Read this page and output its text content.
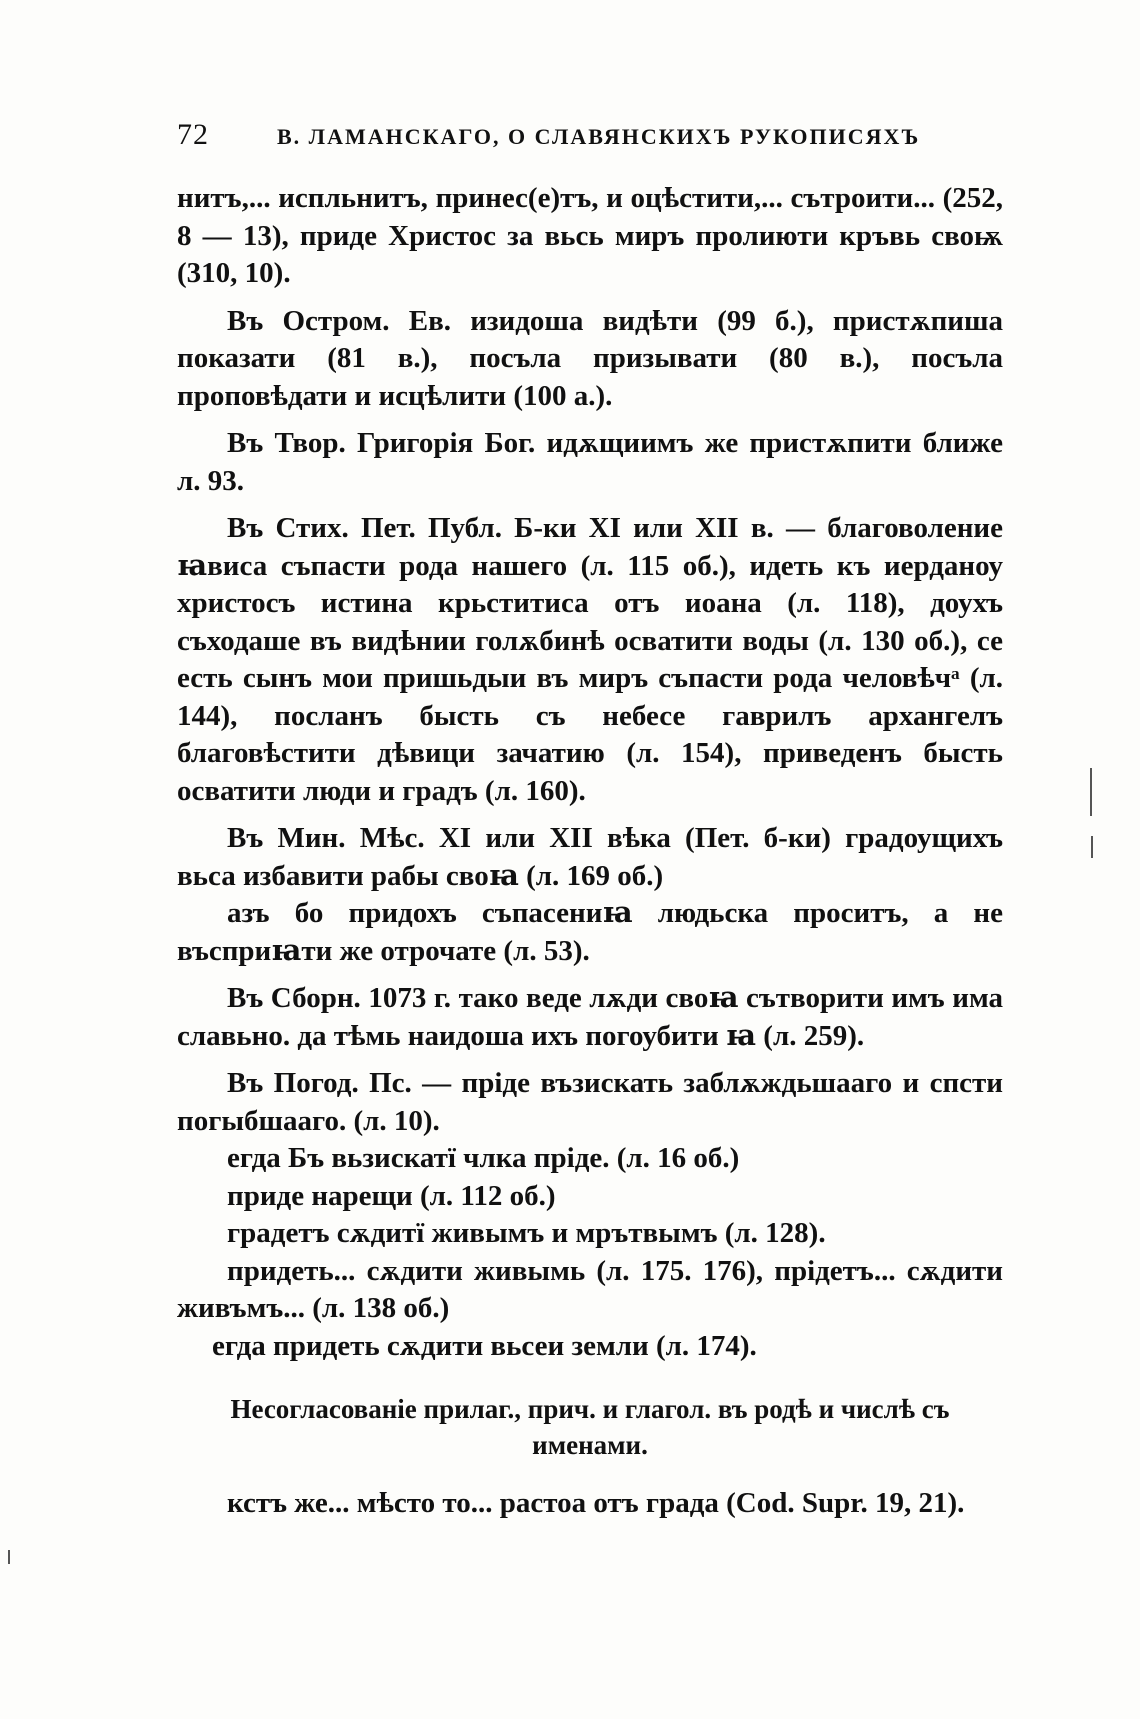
72	В. ЛАМАНСКАГО, О СЛАВЯНСКИХЪ РУКОПИСЯХЪ

нитъ,... испльнитъ, принес(е)тъ, и оцѣстити,... сътроити... (252, 8 — 13), приде Христос за вьсь миръ пролиюти кръвь своѭ (310, 10).

Въ Остром. Ев. изидоша видѣти (99 б.), пристѫпиша показати (81 в.), посъла призывати (80 в.), посъла проповѣдати и исцѣлити (100 а.).

Въ Твор. Григорія Бог. идѫщиимъ же пристѫпити ближе л. 93.

Въ Стих. Пет. Публ. Б-ки XI или XII в. — благоволение ꙗвиса съпасти рода нашего (л. 115 об.), идеть къ иерданоу христосъ истина крьститиса отъ иоана (л. 118), доухъ съходаше въ видѣнии голѫбинѣ осватити воды (л. 130 об.), се есть сынъ мои пришьдыи въ миръ съпасти рода человѣчᵃ (л. 144), посланъ бысть съ небесе гаврилъ архангелъ благовѣстити дѣвици зачатию (л. 154), приведенъ бысть осватити люди и градъ (л. 160).

Въ Мин. Мѣс. XI или XII вѣка (Пет. б-ки) градоущихъ вьса избавити рабы своꙗ (л. 169 об.)

азъ бо придохъ съпасениꙗ людьска проситъ, а не въсприꙗти же отрочате (л. 53).

Въ Сборн. 1073 г. тако веде лѫди своꙗ сътворити имъ има славьно. да тѣмь наидоша ихъ погоубити ꙗ (л. 259).

Въ Погод. Пс. — пріде възискать заблѫждьшааго и спсти погыбшааго. (л. 10).

егда Бъ вьзискатї члка пріде. (л. 16 об.)

приде нарещи (л. 112 об.)

градетъ сѫдитї живымъ и мрътвымъ (л. 128).

придеть... сѫдити живымь (л. 175. 176), прідетъ... сѫдити живъмъ... (л. 138 об.)

егда придеть сѫдити вьсеи земли (л. 174).

Несогласованіе прилаг., прич. и глагол. въ родѣ и числѣ съ именами.

кстъ же... мѣсто то... растоа отъ града (Cod. Supr. 19, 21).
